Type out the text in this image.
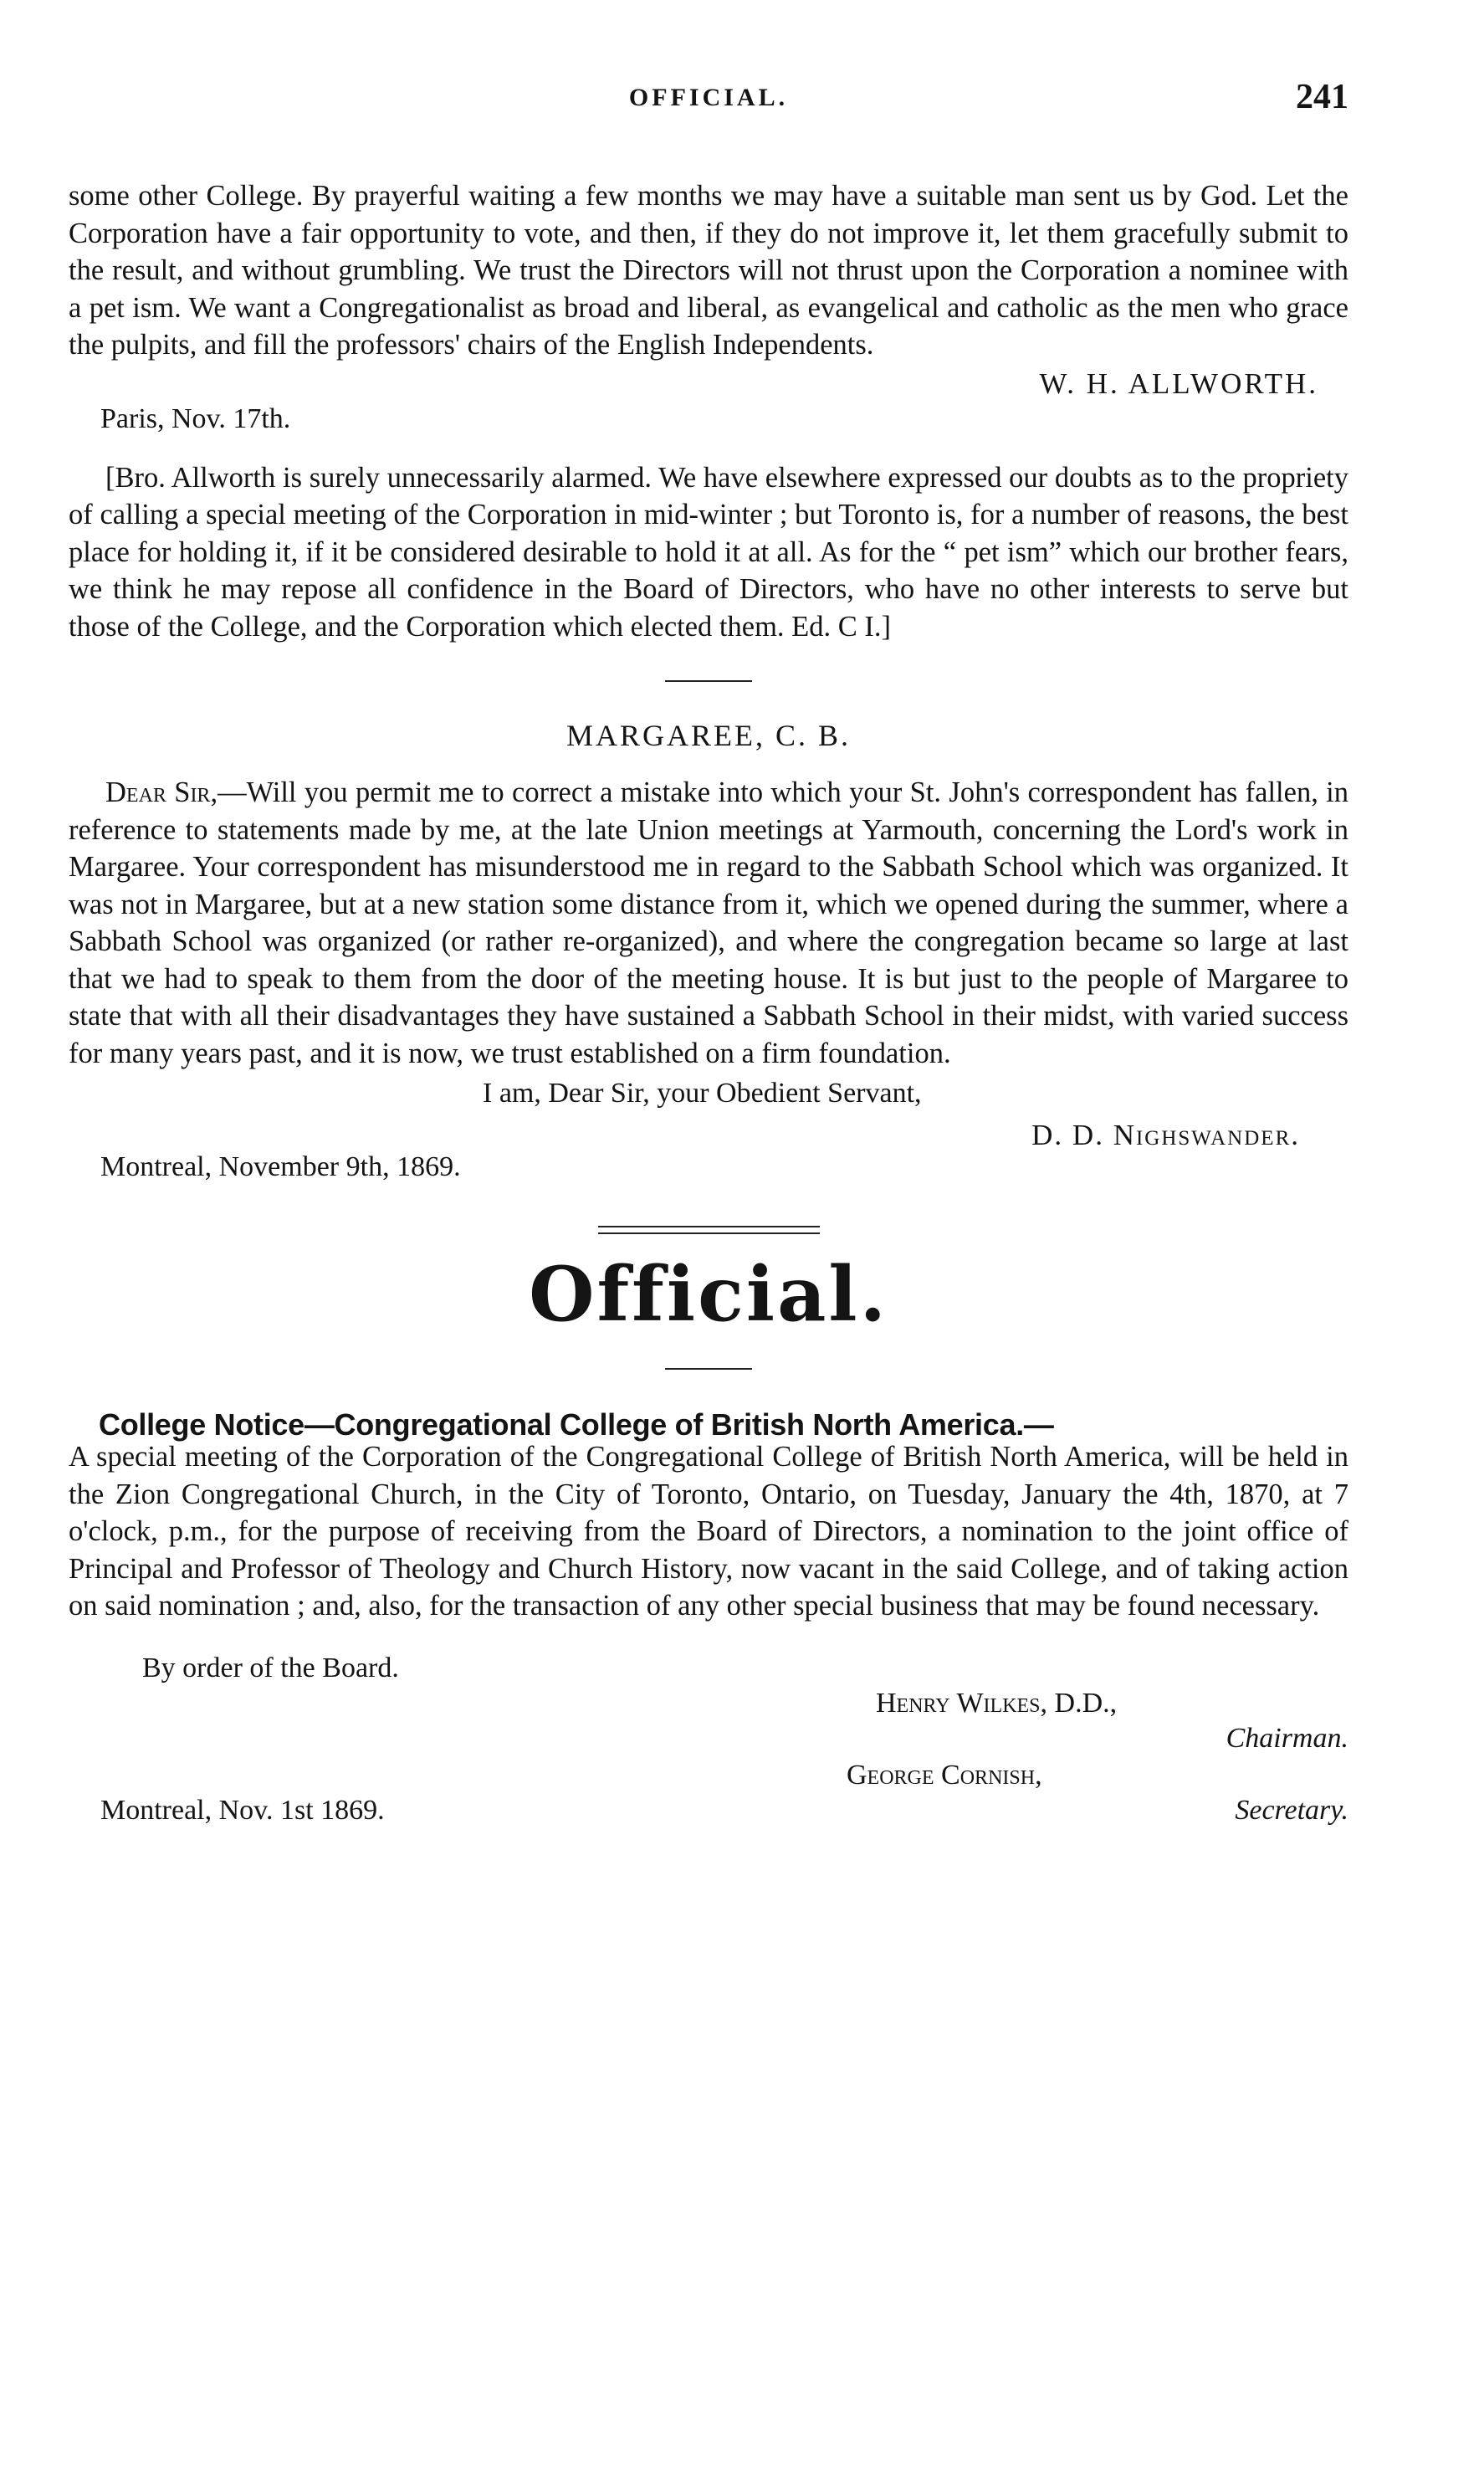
OFFICIAL.	241

some other College. By prayerful waiting a few months we may have a suitable man sent us by God. Let the Corporation have a fair opportunity to vote, and then, if they do not improve it, let them gracefully submit to the result, and without grumbling. We trust the Directors will not thrust upon the Corporation a nominee with a pet ism. We want a Congregationalist as broad and liberal, as evangelical and catholic as the men who grace the pulpits, and fill the professors' chairs of the English Independents.

W. H. ALLWORTH.
Paris, Nov. 17th.

[Bro. Allworth is surely unnecessarily alarmed. We have elsewhere expressed our doubts as to the propriety of calling a special meeting of the Corporation in mid-winter ; but Toronto is, for a number of reasons, the best place for holding it, if it be considered desirable to hold it at all. As for the “ pet ism” which our brother fears, we think he may repose all confidence in the Board of Directors, who have no other interests to serve but those of the College, and the Corporation which elected them. Ed. C I.]

MARGAREE, C. B.

Dear Sir,—Will you permit me to correct a mistake into which your St. John's correspondent has fallen, in reference to statements made by me, at the late Union meetings at Yarmouth, concerning the Lord's work in Margaree. Your correspondent has misunderstood me in regard to the Sabbath School which was organized. It was not in Margaree, but at a new station some distance from it, which we opened during the summer, where a Sabbath School was organized (or rather re-organized), and where the congregation became so large at last that we had to speak to them from the door of the meeting house. It is but just to the people of Margaree to state that with all their disadvantages they have sustained a Sabbath School in their midst, with varied success for many years past, and it is now, we trust established on a firm foundation.

I am, Dear Sir, your Obedient Servant,
D. D. Nighswander.
Montreal, November 9th, 1869.
Official.
College Notice—Congregational College of British North America.—

A special meeting of the Corporation of the Congregational College of British North America, will be held in the Zion Congregational Church, in the City of Toronto, Ontario, on Tuesday, January the 4th, 1870, at 7 o'clock, p.m., for the purpose of receiving from the Board of Directors, a nomination to the joint office of Principal and Professor of Theology and Church History, now vacant in the said College, and of taking action on said nomination ; and, also, for the transaction of any other special business that may be found necessary.

By order of the Board.
Henry Wilkes, D.D.,
Chairman.
George Cornish,
Secretary.
Montreal, Nov. 1st 1869.
